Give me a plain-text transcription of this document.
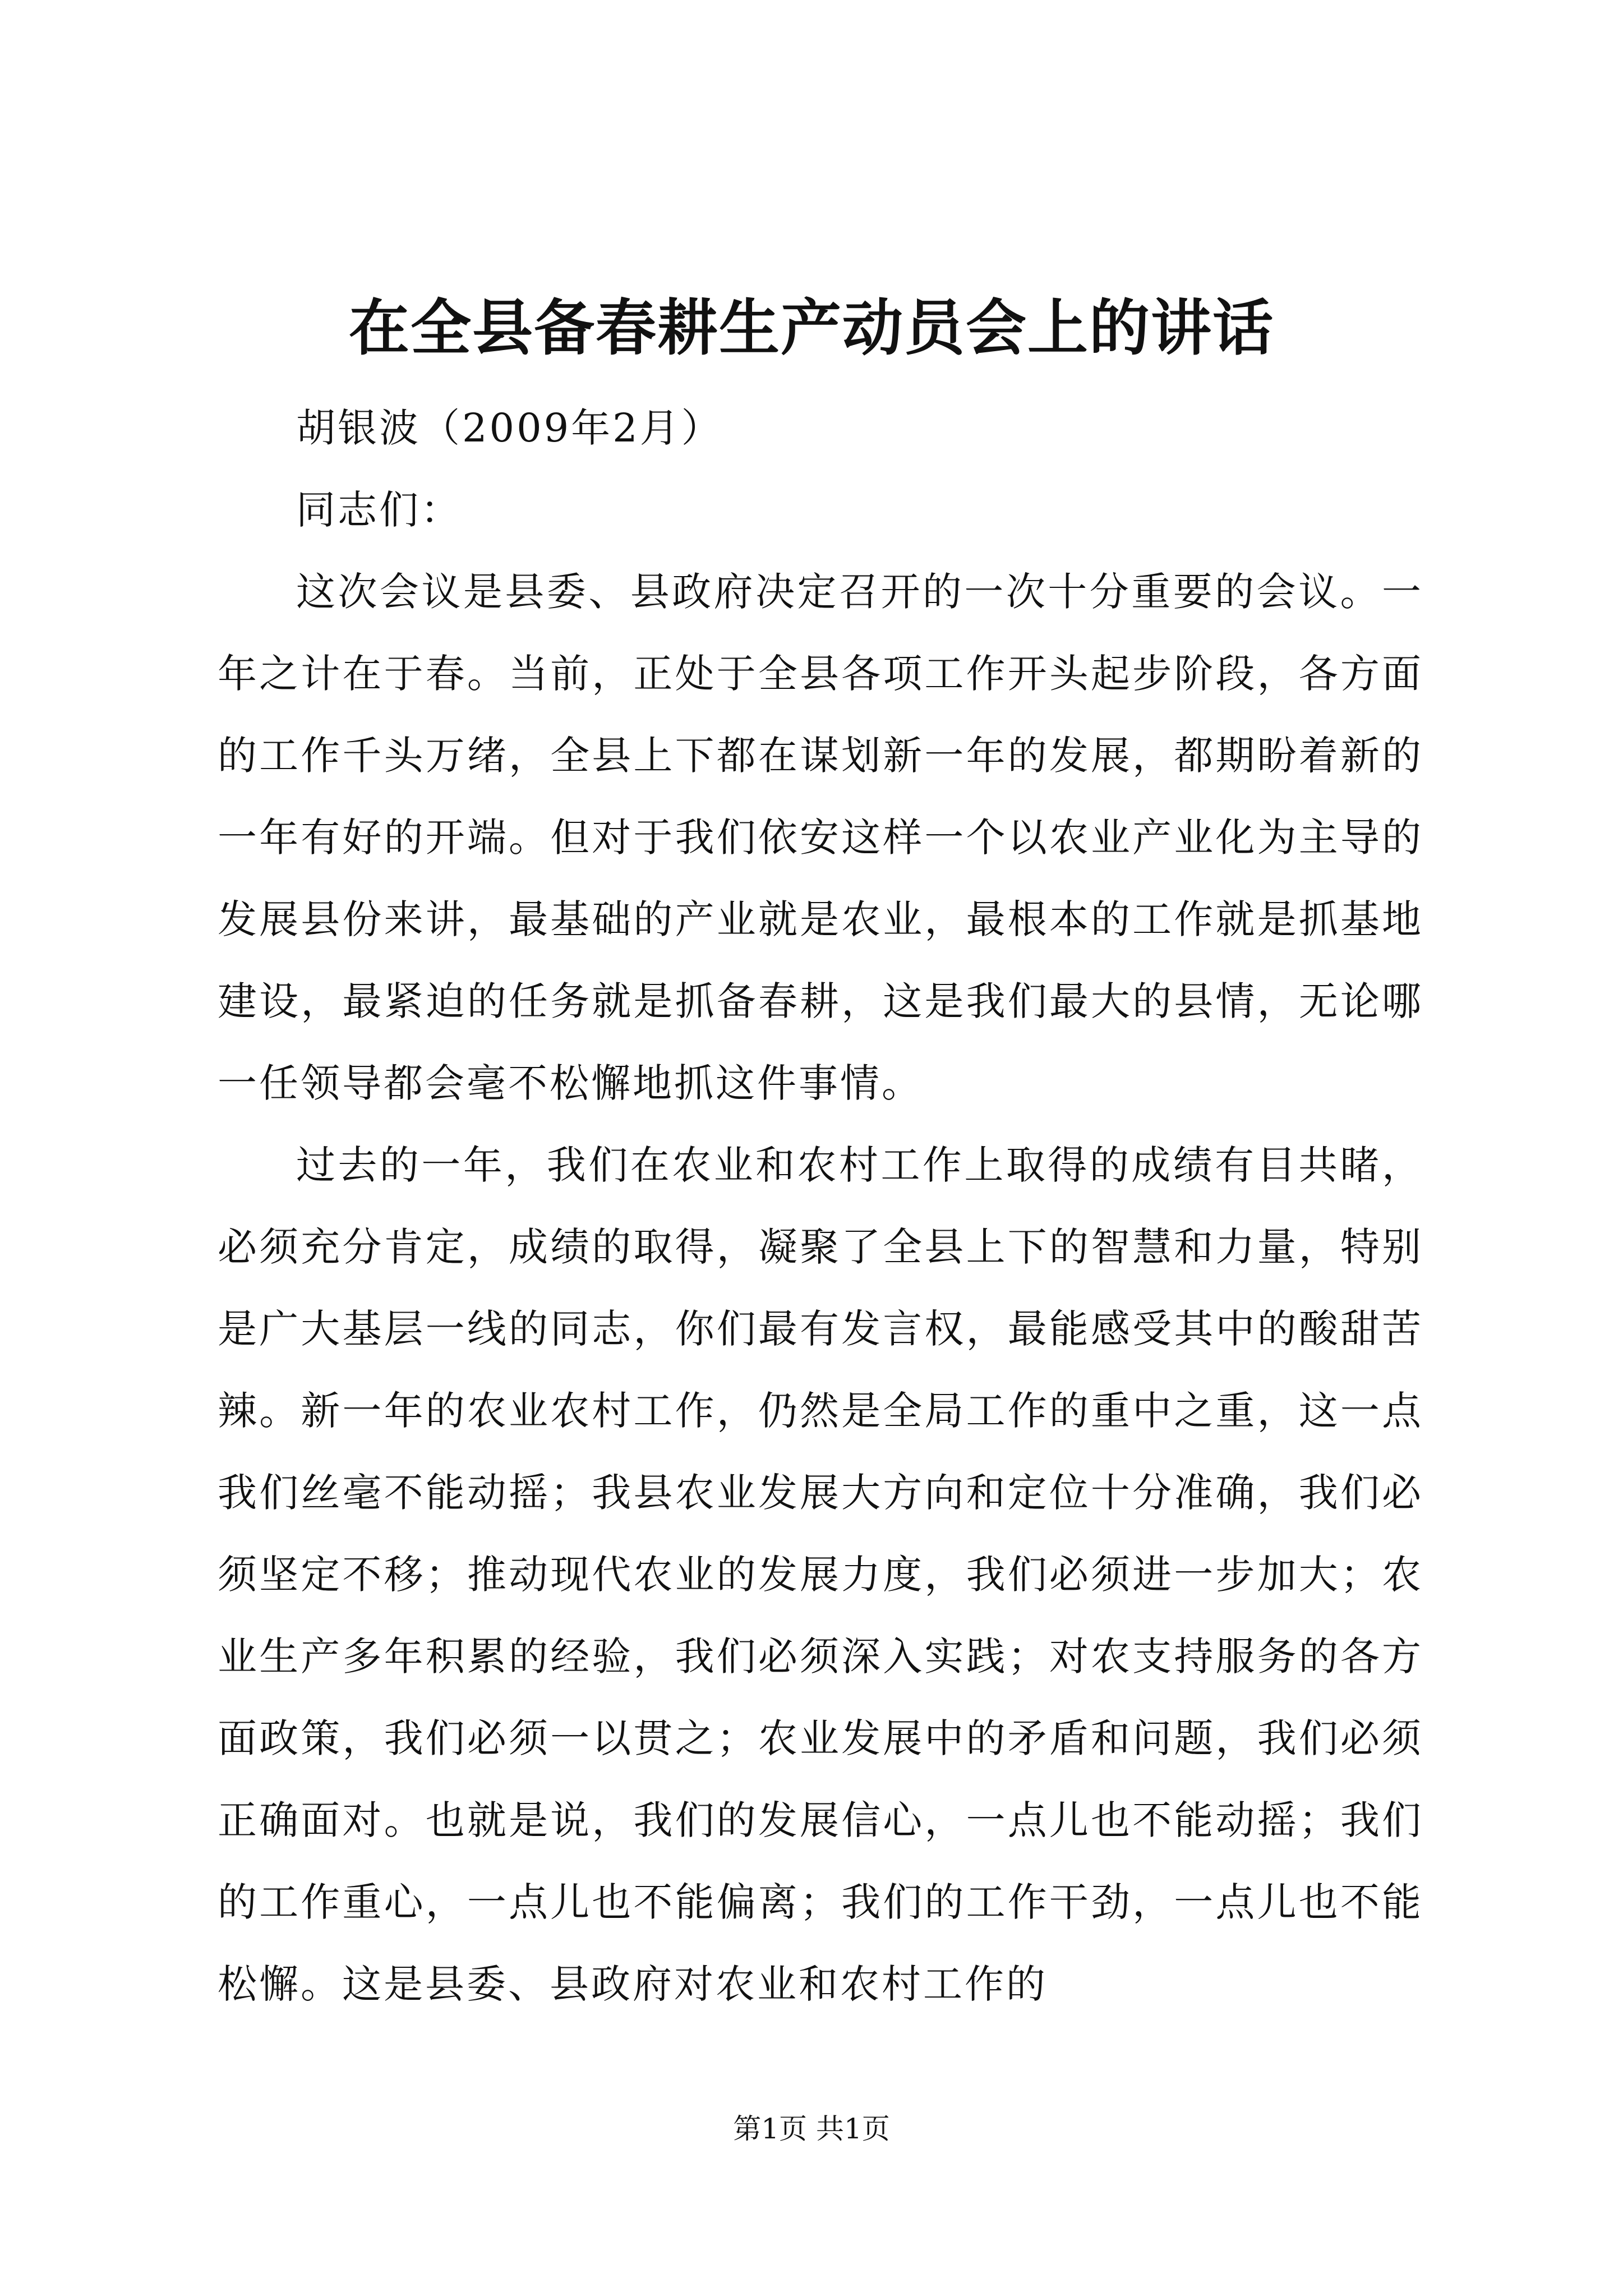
在全县备春耕生产动员会上的讲话

胡银波（2009年2月）

同志们：

这次会议是县委、县政府决定召开的一次十分重要的会议。一年之计在于春。当前，正处于全县各项工作开头起步阶段，各方面的工作千头万绪，全县上下都在谋划新一年的发展，都期盼着新的一年有好的开端。但对于我们依安这样一个以农业产业化为主导的发展县份来讲，最基础的产业就是农业，最根本的工作就是抓基地建设，最紧迫的任务就是抓备春耕，这是我们最大的县情，无论哪一任领导都会毫不松懈地抓这件事情。

过去的一年，我们在农业和农村工作上取得的成绩有目共睹，必须充分肯定，成绩的取得，凝聚了全县上下的智慧和力量，特别是广大基层一线的同志，你们最有发言权，最能感受其中的酸甜苦辣。新一年的农业农村工作，仍然是全局工作的重中之重，这一点我们丝毫不能动摇；我县农业发展大方向和定位十分准确，我们必须坚定不移；推动现代农业的发展力度，我们必须进一步加大；农业生产多年积累的经验，我们必须深入实践；对农支持服务的各方面政策，我们必须一以贯之；农业发展中的矛盾和问题，我们必须正确面对。也就是说，我们的发展信心，一点儿也不能动摇；我们的工作重心，一点儿也不能偏离；我们的工作干劲，一点儿也不能松懈。这是县委、县政府对农业和农村工作的

第1页 共1页
